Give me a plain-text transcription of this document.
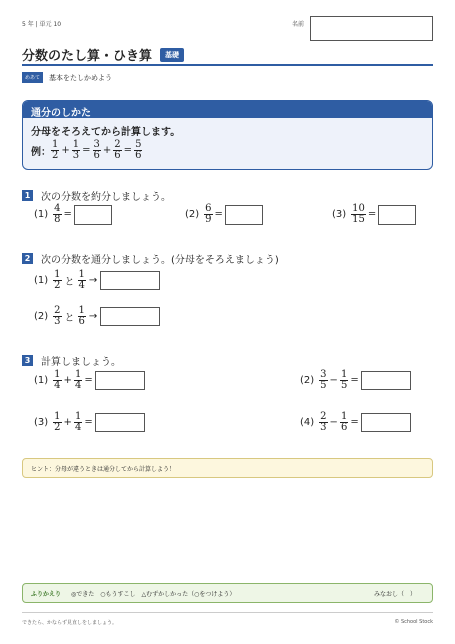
5 年 | 単元 10	名前
分数のたし算・ひき算	基礎
めあて	基本をたしかめよう
通分のしかた
分母をそろえてから計算します。
例： $\frac{1}{2} + \frac{1}{3} = \frac{3}{6} + \frac{2}{6} = \frac{5}{6}$
1 次の分数を約分しましょう。
$(1) \frac{4}{8}$ =	$(2) \frac{6}{9}$ =	$(3) \frac{10}{15}$ =
2 次の分数を通分しましょう。(分母をそろえましょう)
$(1) \frac{1}{2}$ と $\frac{1}{4}$ →
$(2) \frac{2}{3}$ と $\frac{1}{6}$ →
3 計算しましょう。
$(1) \frac{1}{4} + \frac{1}{4}$ =	$(2) \frac{3}{5} - \frac{1}{5}$ =
$(3) \frac{1}{2} + \frac{1}{4}$ =	$(4) \frac{2}{3} - \frac{1}{6}$ =
ヒント：分母が違うときは通分してから計算しよう！
ふりかえり ◎できた　○もうすこし　△むずかしかった（○をつけよう）	みなおし（　）
できたら、かならず見直しをしましょう。	© School Stock
